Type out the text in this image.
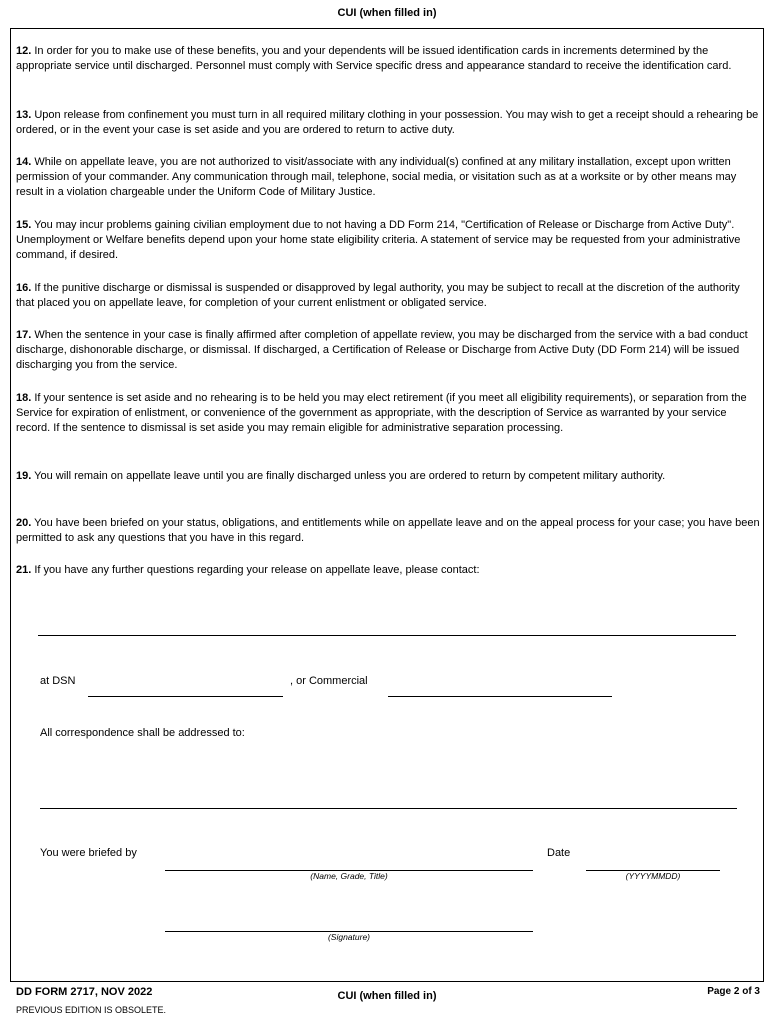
CUI (when filled in)

12. In order for you to make use of these benefits, you and your dependents will be issued identification cards in increments determined by the appropriate service until discharged. Personnel must comply with Service specific dress and appearance standard to receive the identification card.

13. Upon release from confinement you must turn in all required military clothing in your possession. You may wish to get a receipt should a rehearing be ordered, or in the event your case is set aside and you are ordered to return to active duty.

14. While on appellate leave, you are not authorized to visit/associate with any individual(s) confined at any military installation, except upon written permission of your commander. Any communication through mail, telephone, social media, or visitation such as at a worksite or by other means may result in a violation chargeable under the Uniform Code of Military Justice.

15. You may incur problems gaining civilian employment due to not having a DD Form 214, "Certification of Release or Discharge from Active Duty". Unemployment or Welfare benefits depend upon your home state eligibility criteria. A statement of service may be requested from your administrative command, if desired.

16. If the punitive discharge or dismissal is suspended or disapproved by legal authority, you may be subject to recall at the discretion of the authority that placed you on appellate leave, for completion of your current enlistment or obligated service.

17. When the sentence in your case is finally affirmed after completion of appellate review, you may be discharged from the service with a bad conduct discharge, dishonorable discharge, or dismissal. If discharged, a Certification of Release or Discharge from Active Duty (DD Form 214) will be issued discharging you from the service.

18. If your sentence is set aside and no rehearing is to be held you may elect retirement (if you meet all eligibility requirements), or separation from the Service for expiration of enlistment, or convenience of the government as appropriate, with the description of Service as warranted by your service record. If the sentence to dismissal is set aside you may remain eligible for administrative separation processing.

19. You will remain on appellate leave until you are finally discharged unless you are ordered to return by competent military authority.

20. You have been briefed on your status, obligations, and entitlements while on appellate leave and on the appeal process for your case; you have been permitted to ask any questions that you have in this regard.

21. If you have any further questions regarding your release on appellate leave, please contact:

at DSN	, or Commercial
All correspondence shall be addressed to:
You were briefed by
(Name, Grade, Title)
Date
(YYYYMMDD)
(Signature)
DD FORM 2717, NOV 2022
PREVIOUS EDITION IS OBSOLETE.
CUI (when filled in)	Page 2 of 3
